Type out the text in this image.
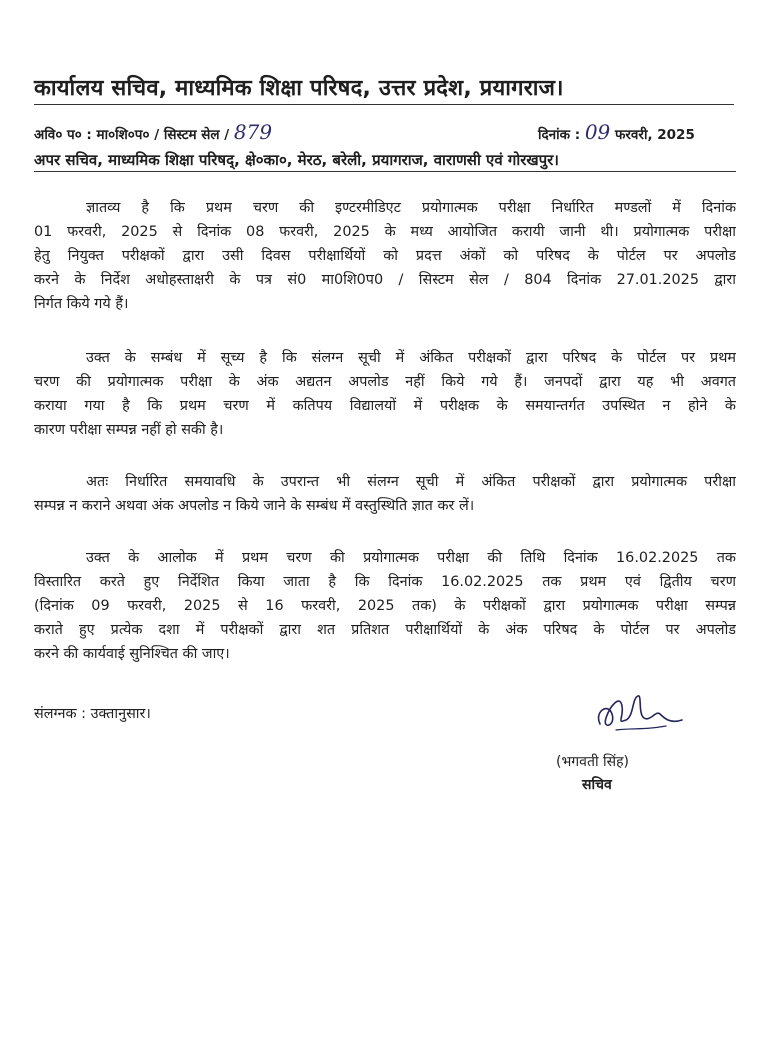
कार्यालय सचिव, माध्यमिक शिक्षा परिषद, उत्तर प्रदेश, प्रयागराज।
अवि० प० : मा०शि०प० / सिस्टम सेल / 879	दिनांक : 09 फरवरी, 2025
अपर सचिव, माध्यमिक शिक्षा परिषद्, क्षे०का०, मेरठ, बरेली, प्रयागराज, वाराणसी एवं गोरखपुर।
ज्ञातव्य है कि प्रथम चरण की इण्टरमीडिएट प्रयोगात्मक परीक्षा निर्धारित मण्डलों में दिनांक
01 फरवरी, 2025 से दिनांक 08 फरवरी, 2025 के मध्य आयोजित करायी जानी थी। प्रयोगात्मक परीक्षा
हेतु नियुक्त परीक्षकों द्वारा उसी दिवस परीक्षार्थियों को प्रदत्त अंकों को परिषद के पोर्टल पर अपलोड
करने के निर्देश अधोहस्ताक्षरी के पत्र सं0 मा0शि0प0 / सिस्टम सेल / 804 दिनांक 27.01.2025 द्वारा
निर्गत किये गये हैं।
उक्त के सम्बंध में सूच्य है कि संलग्न सूची में अंकित परीक्षकों द्वारा परिषद के पोर्टल पर प्रथम
चरण की प्रयोगात्मक परीक्षा के अंक अद्यतन अपलोड नहीं किये गये हैं। जनपदों द्वारा यह भी अवगत
कराया गया है कि प्रथम चरण में कतिपय विद्यालयों में परीक्षक के समयान्तर्गत उपस्थित न होने के
कारण परीक्षा सम्पन्न नहीं हो सकी है।
अतः निर्धारित समयावधि के उपरान्त भी संलग्न सूची में अंकित परीक्षकों द्वारा प्रयोगात्मक परीक्षा
सम्पन्न न कराने अथवा अंक अपलोड न किये जाने के सम्बंध में वस्तुस्थिति ज्ञात कर लें।
उक्त के आलोक में प्रथम चरण की प्रयोगात्मक परीक्षा की तिथि दिनांक 16.02.2025 तक
विस्तारित करते हुए निर्देशित किया जाता है कि दिनांक 16.02.2025 तक प्रथम एवं द्वितीय चरण
(दिनांक 09 फरवरी, 2025 से 16 फरवरी, 2025 तक) के परीक्षकों द्वारा प्रयोगात्मक परीक्षा सम्पन्न
कराते हुए प्रत्येक दशा में परीक्षकों द्वारा शत प्रतिशत परीक्षार्थियों के अंक परिषद के पोर्टल पर अपलोड
करने की कार्यवाई सुनिश्चित की जाए।
संलग्नक : उक्तानुसार।
(भगवती सिंह)
सचिव
